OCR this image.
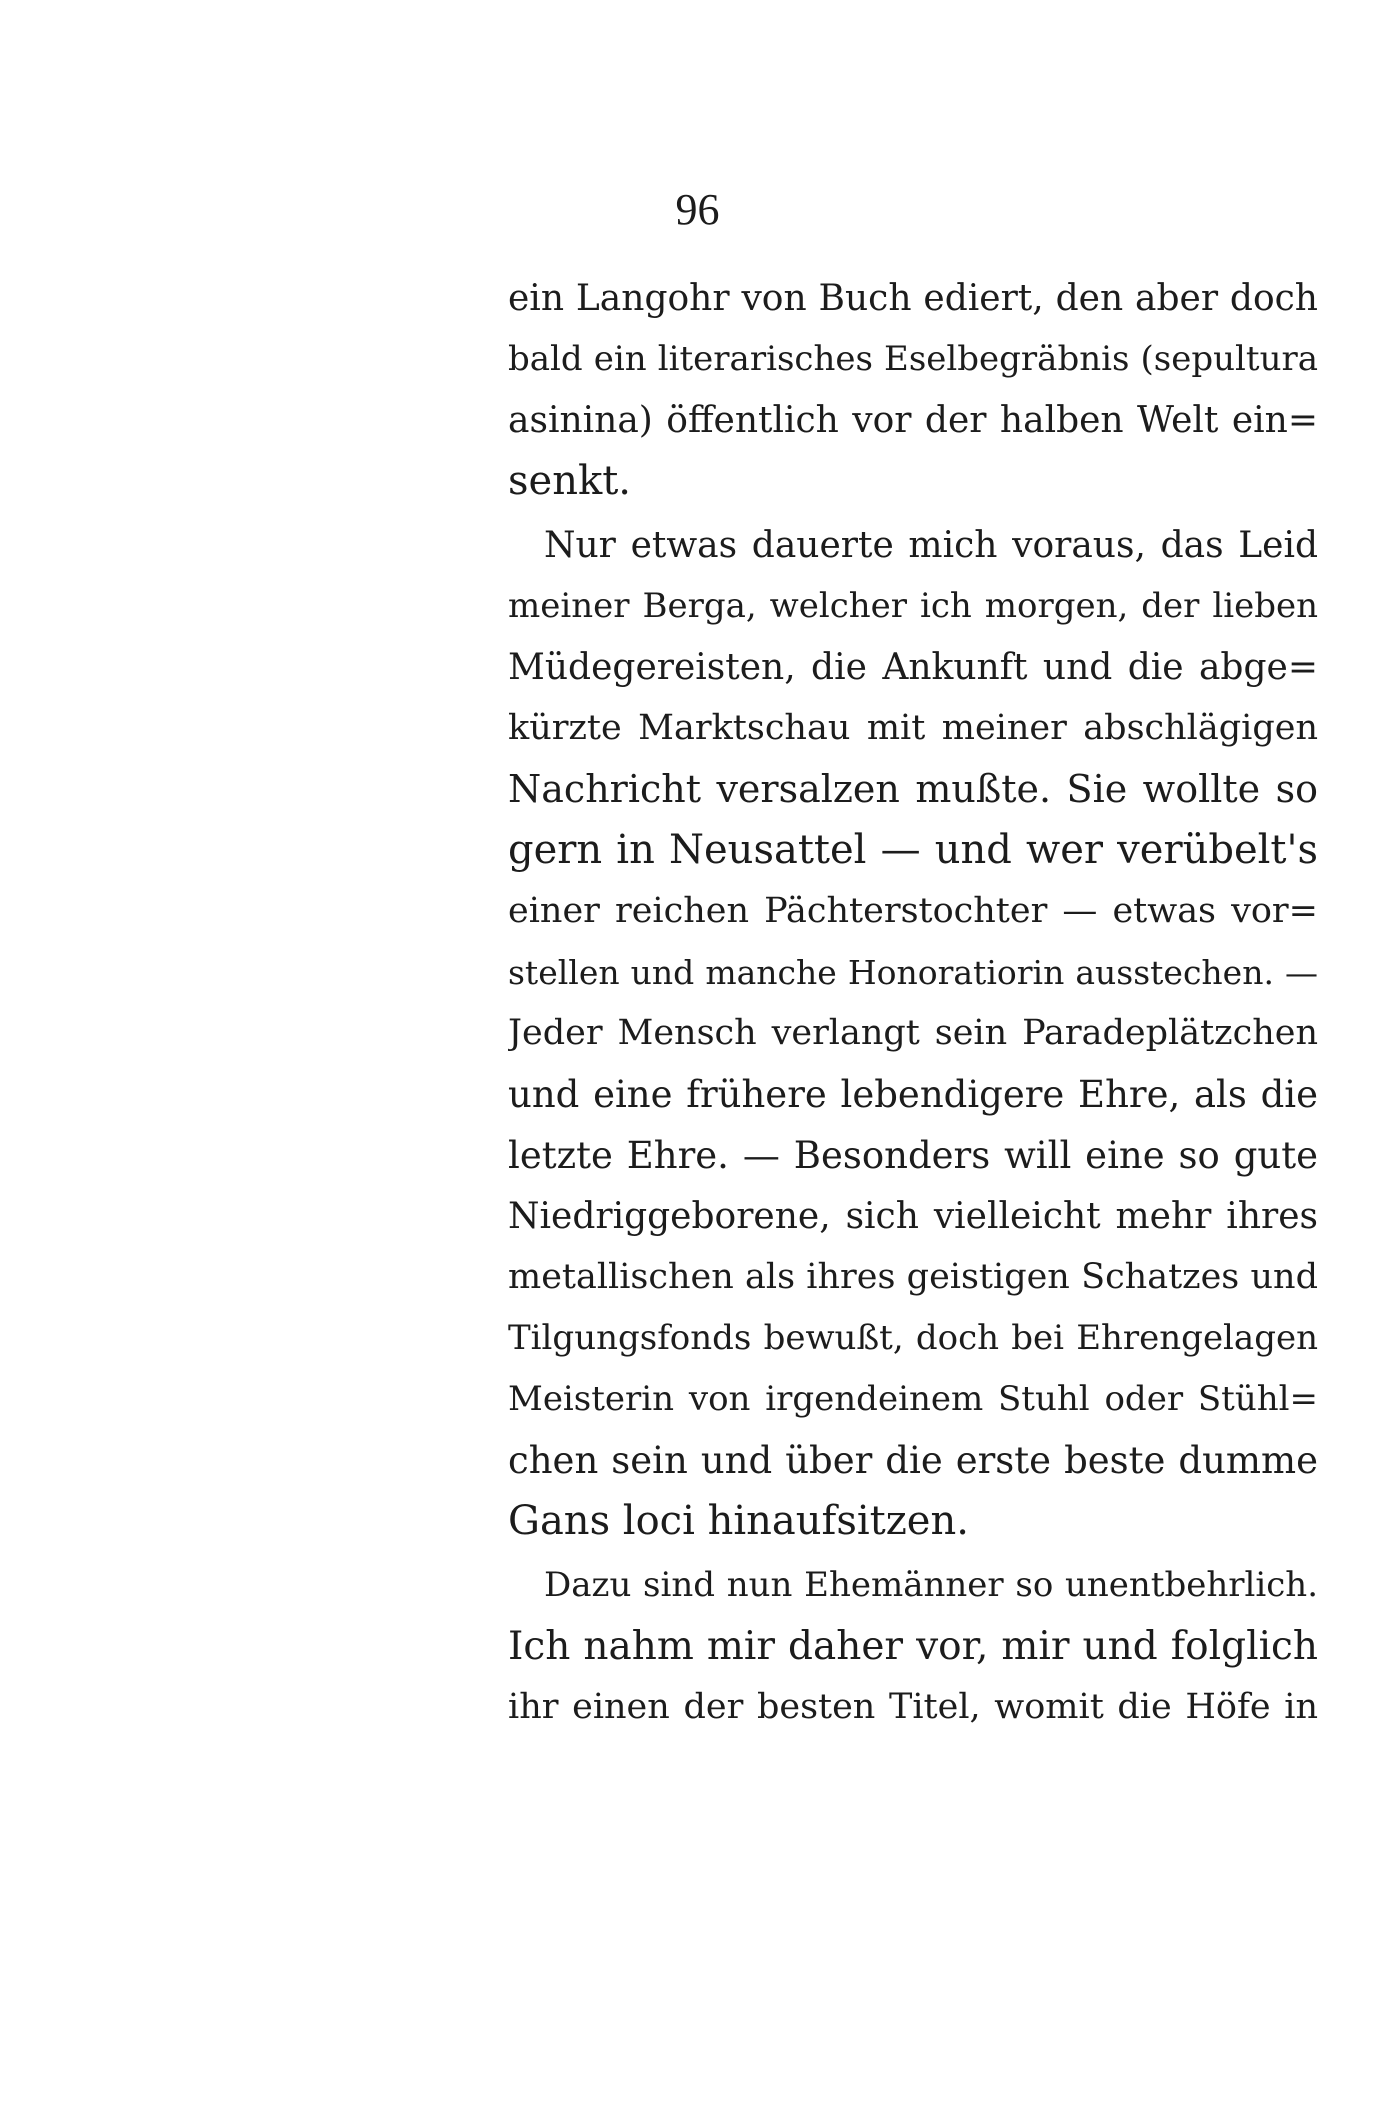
96
ein Langohr von Buch ediert, den aber doch
bald ein literarisches Eselbegräbnis (sepultura
asinina) öffentlich vor der halben Welt ein=
senkt.
Nur etwas dauerte mich voraus, das Leid
meiner Berga, welcher ich morgen, der lieben
Müdegereisten, die Ankunft und die abge=
kürzte Marktschau mit meiner abschlägigen
Nachricht versalzen mußte. Sie wollte so
gern in Neusattel — und wer verübelt's
einer reichen Pächterstochter — etwas vor=
stellen und manche Honoratiorin ausstechen. —
Jeder Mensch verlangt sein Paradeplätzchen
und eine frühere lebendigere Ehre, als die
letzte Ehre. — Besonders will eine so gute
Niedriggeborene, sich vielleicht mehr ihres
metallischen als ihres geistigen Schatzes und
Tilgungsfonds bewußt, doch bei Ehrengelagen
Meisterin von irgendeinem Stuhl oder Stühl=
chen sein und über die erste beste dumme
Gans loci hinaufsitzen.
Dazu sind nun Ehemänner so unentbehrlich.
Ich nahm mir daher vor, mir und folglich
ihr einen der besten Titel, womit die Höfe in
